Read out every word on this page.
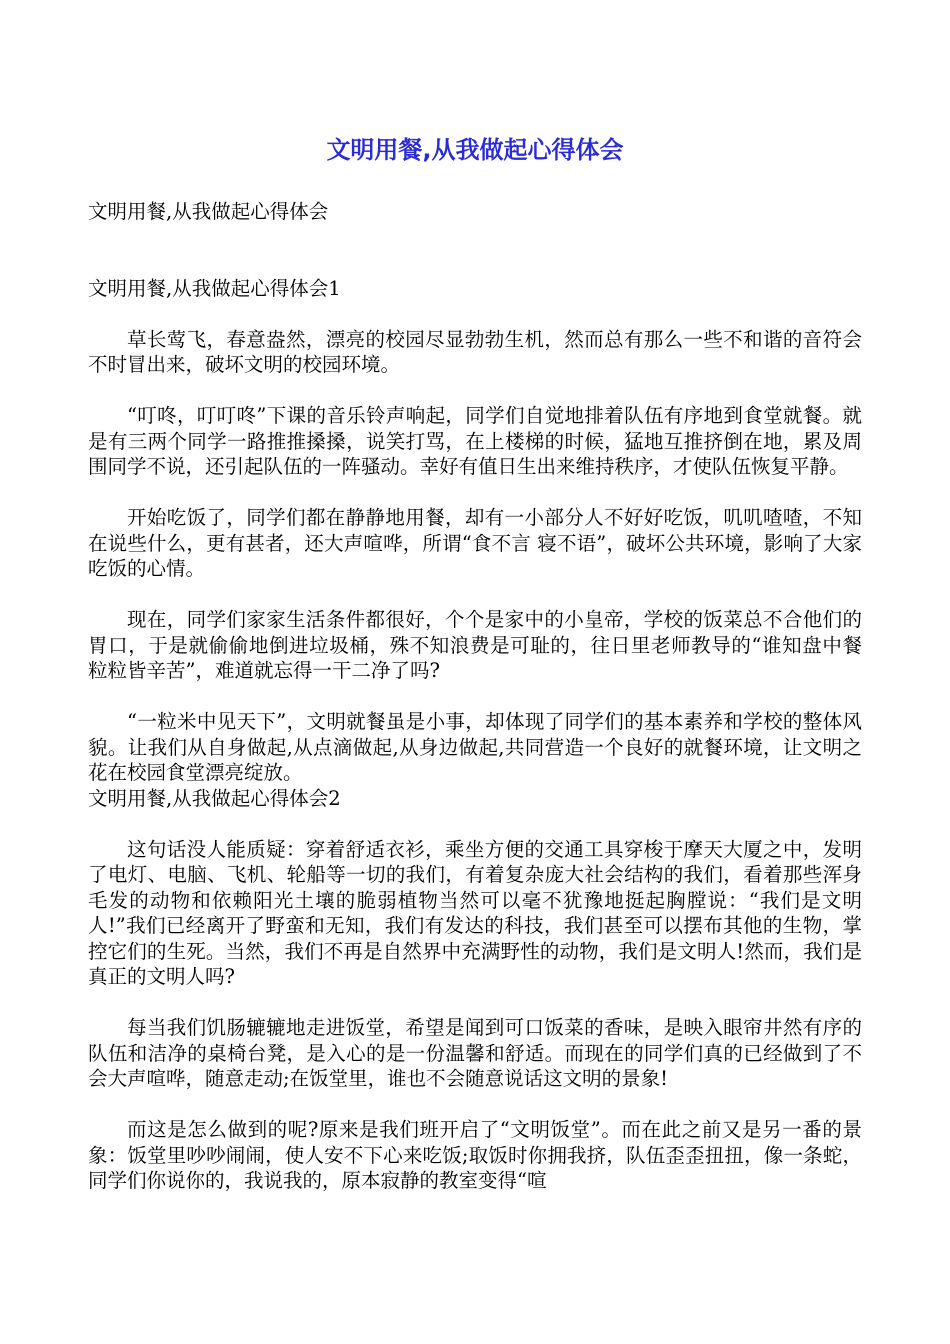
文明用餐,从我做起心得体会

文明用餐,从我做起心得体会

文明用餐,从我做起心得体会1

草长莺飞，春意盎然，漂亮的校园尽显勃勃生机，然而总有那么一些不和谐的音符会不时冒出来，破坏文明的校园环境。

“叮咚，叮叮咚”下课的音乐铃声响起，同学们自觉地排着队伍有序地到食堂就餐。就是有三两个同学一路推推搡搡，说笑打骂，在上楼梯的时候，猛地互推挤倒在地，累及周围同学不说，还引起队伍的一阵骚动。幸好有值日生出来维持秩序，才使队伍恢复平静。

开始吃饭了，同学们都在静静地用餐，却有一小部分人不好好吃饭，叽叽喳喳，不知在说些什么，更有甚者，还大声喧哗，所谓“食不言 寝不语”，破坏公共环境，影响了大家吃饭的心情。

现在，同学们家家生活条件都很好，个个是家中的小皇帝，学校的饭菜总不合他们的胃口，于是就偷偷地倒进垃圾桶，殊不知浪费是可耻的，往日里老师教导的“谁知盘中餐 粒粒皆辛苦”，难道就忘得一干二净了吗?

“一粒米中见天下”，文明就餐虽是小事，却体现了同学们的基本素养和学校的整体风貌。让我们从自身做起,从点滴做起,从身边做起,共同营造一个良好的就餐环境，让文明之花在校园食堂漂亮绽放。

文明用餐,从我做起心得体会2

这句话没人能质疑：穿着舒适衣衫，乘坐方便的交通工具穿梭于摩天大厦之中，发明了电灯、电脑、飞机、轮船等一切的我们，有着复杂庞大社会结构的我们，看着那些浑身毛发的动物和依赖阳光土壤的脆弱植物当然可以毫不犹豫地挺起胸膛说：“我们是文明人!”我们已经离开了野蛮和无知，我们有发达的科技，我们甚至可以摆布其他的生物，掌控它们的生死。当然，我们不再是自然界中充满野性的动物，我们是文明人!然而，我们是真正的文明人吗?

每当我们饥肠辘辘地走进饭堂，希望是闻到可口饭菜的香味，是映入眼帘井然有序的队伍和洁净的桌椅台凳，是入心的是一份温馨和舒适。而现在的同学们真的已经做到了不会大声喧哗，随意走动;在饭堂里，谁也不会随意说话这文明的景象!

而这是怎么做到的呢?原来是我们班开启了“文明饭堂”。而在此之前又是另一番的景象：饭堂里吵吵闹闹，使人安不下心来吃饭;取饭时你拥我挤，队伍歪歪扭扭，像一条蛇，同学们你说你的，我说我的，原本寂静的教室变得“喧
